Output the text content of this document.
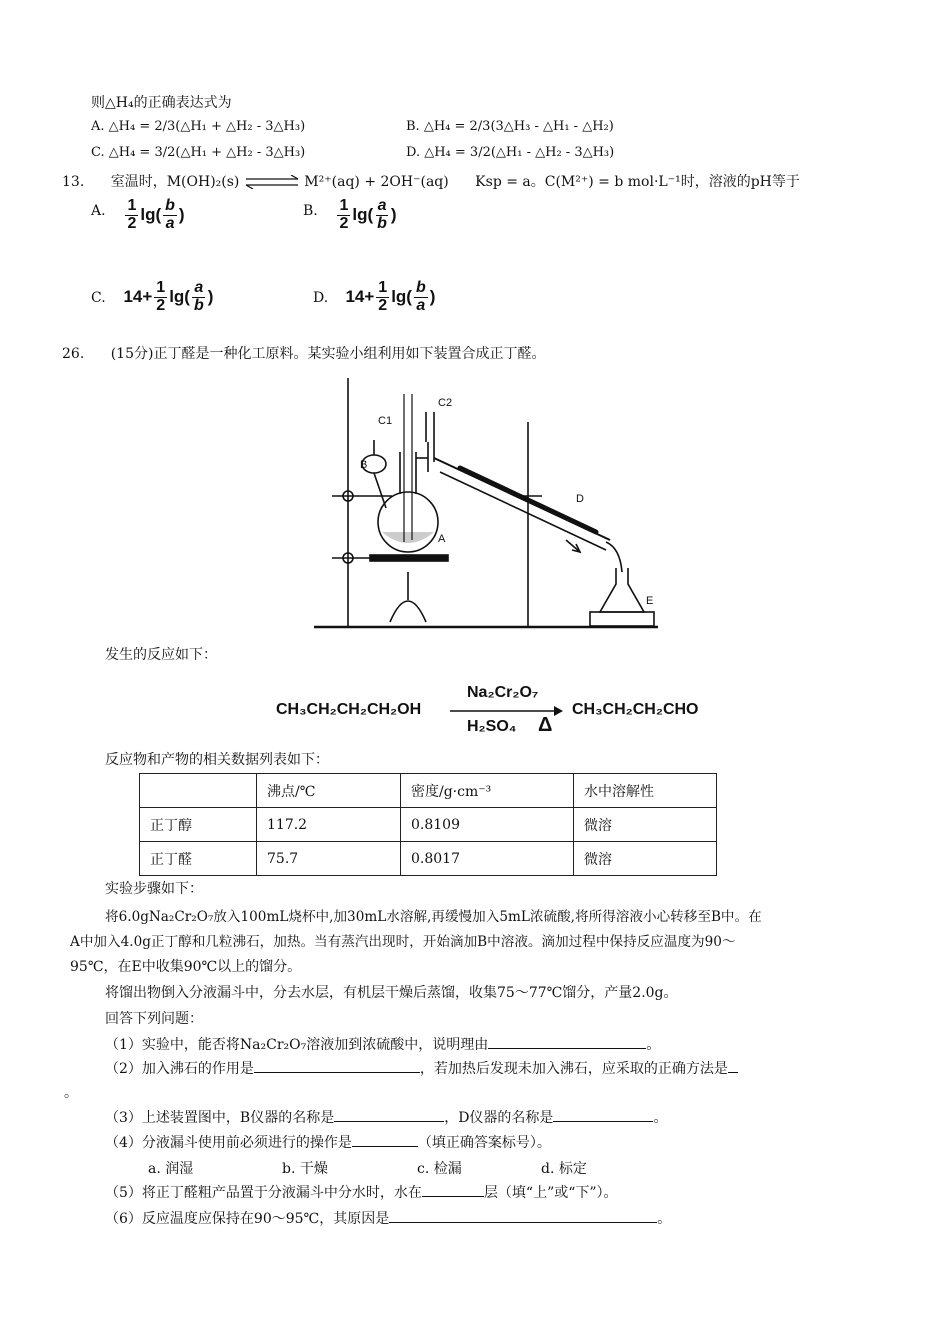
则△H₄的正确表达式为
A. △H₄ = 2/3(△H₁ + △H₂ - 3△H₃)	B. △H₄ = 2/3(3△H₃ - △H₁ - △H₂)
C. △H₄ = 3/2(△H₁ + △H₂ - 3△H₃)	D. △H₄ = 3/2(△H₁ - △H₂ - 3△H₃)
13. 室温时，M(OH)₂(s) ⇌ M²⁺(aq) + 2OH⁻(aq) Ksp = a。C(M²⁺) = b mol·L⁻¹时，溶液的pH等于
A. $\frac{1}{2} \lg( \frac{b}{a}$ )	B. $\frac{1}{2} \lg( \frac{a}{b}$ )
C. $14+ \frac{1}{2} \lg( \frac{a}{b}$ )	D. $14+ \frac{1}{2} \lg( \frac{b}{a}$ )
26. (15分)正丁醛是一种化工原料。某实验小组利用如下装置合成正丁醛。
C1
C2
B
A
D
E
发生的反应如下：
CH₃CH₂CH₂CH₂OH
Na₂Cr₂O₇
H₂SO₄ Δ
CH₃CH₂CH₂CHO
反应物和产物的相关数据列表如下：
	沸点/℃	密度/g·cm⁻³	水中溶解性
正丁醇	117.2	0.8109	微溶
正丁醛	75.7	0.8017	微溶
实验步骤如下：
将6.0gNa₂Cr₂O₇放入100mL烧杯中,加30mL水溶解,再缓慢加入5mL浓硫酸,将所得溶液小心转移至B中。在
A中加入4.0g正丁醇和几粒沸石，加热。当有蒸汽出现时，开始滴加B中溶液。滴加过程中保持反应温度为90～
95℃，在E中收集90℃以上的馏分。
将馏出物倒入分液漏斗中，分去水层，有机层干燥后蒸馏，收集75～77℃馏分，产量2.0g。
回答下列问题：
（1）实验中，能否将Na₂Cr₂O₇溶液加到浓硫酸中，说明理由	。
（2）加入沸石的作用是	，若加热后发现未加入沸石，应采取的正确方法是
。
（3）上述装置图中，B仪器的名称是	，D仪器的名称是	。
（4）分液漏斗使用前必须进行的操作是	（填正确答案标号）。
a. 润湿	b. 干燥	c. 检漏	d. 标定
（5）将正丁醛粗产品置于分液漏斗中分水时，水在	层（填“上”或“下”）。
（6）反应温度应保持在90～95℃，其原因是	。
